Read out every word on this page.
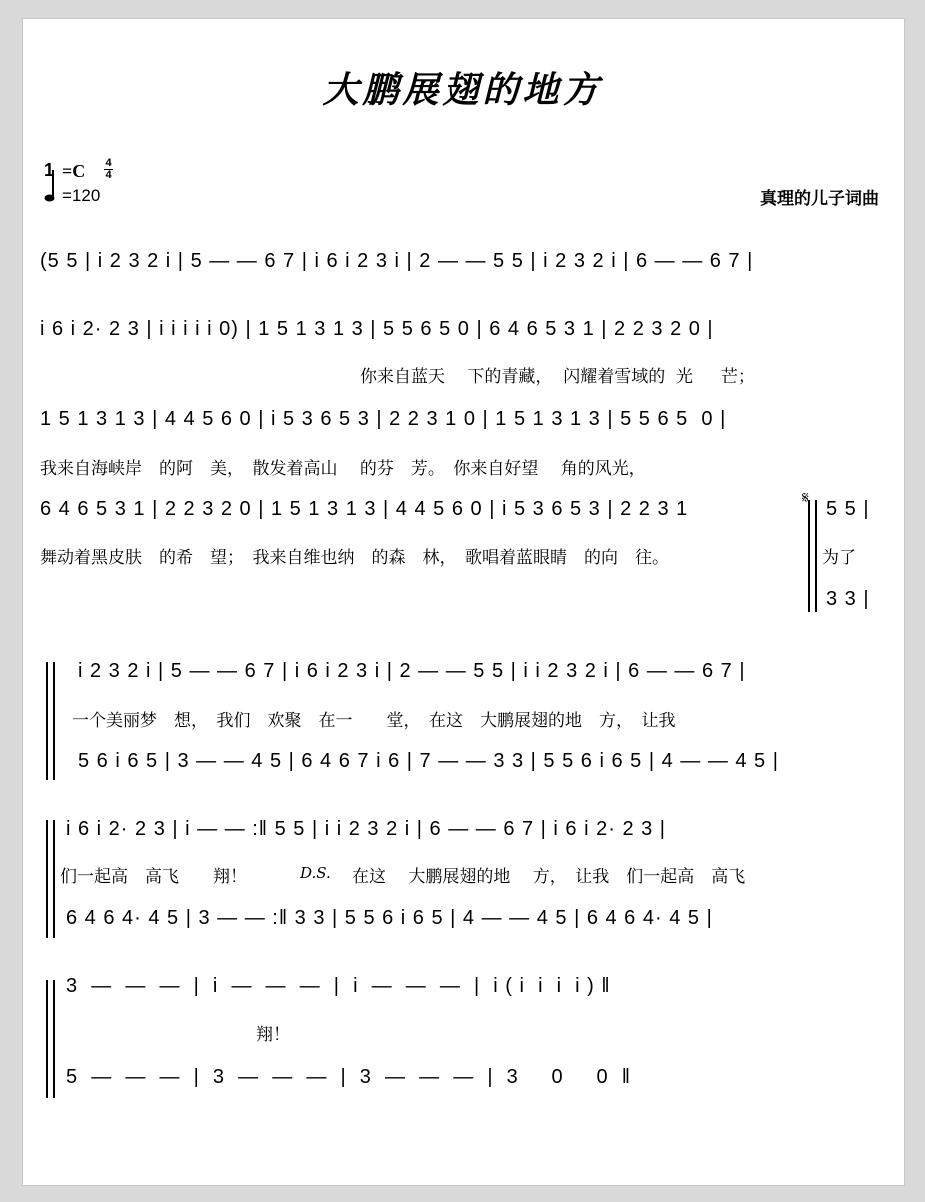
大鹏展翅的地方
1 =C 4
4
=120	真理的儿子词曲
(5 5 | i 2 3 2 i | 5 — — 6 7 | i 6 i 2 3 i | 2 — — 5 5 | i 2 3 2 i | 6 — — 6 7 |
i 6 i 2· 2 3 | i i i i i 0) | 1 5 1 3 1 3 | 5 5 6 5 0 | 6 4 6 5 3 1 | 2 2 3 2 0 |
你来自蓝天　 下的青藏，  闪耀着雪域的  光　  芒；
1 5 1 3 1 3 | 4 4 5 6 0 | i 5 3 6 5 3 | 2 2 3 1 0 | 1 5 1 3 1 3 | 5 5 6 5  0 |
我来自海峡岸　的阿　美，　散发着高山　 的芬　芳。　你来自好望　 角的风光，
6 4 6 5 3 1 | 2 2 3 2 0 | 1 5 1 3 1 3 | 4 4 5 6 0 | i 5 3 6 5 3 | 2 2 3 1
𝄋
5 5 |
舞动着黑皮肤　的希　望；　我来自维也纳　的森　林，　歌唱着蓝眼睛　的向　往。	为了
3 3 |
i 2 3 2 i | 5 — — 6 7 | i 6 i 2 3 i | 2 — — 5 5 | i i 2 3 2 i | 6 — — 6 7 |
一个美丽梦　想，　我们　欢聚　在一　　堂，　在这　大鹏展翅的地　方，　让我
5 6 i 6 5 | 3 — — 4 5 | 6 4 6 7 i 6 | 7 — — 3 3 | 5 5 6 i 6 5 | 4 — — 4 5 |
i 6 i 2· 2 3 | i — — :‖ 5 5 | i i 2 3 2 i | 6 — — 6 7 | i 6 i 2· 2 3 |
们一起高　高飞　　翔！	D.S.	在这　 大鹏展翅的地　 方，　让我　们一起高　高飞
6 4 6 4· 4 5 | 3 — — :‖ 3 3 | 5 5 6 i 6 5 | 4 — — 4 5 | 6 4 6 4· 4 5 |
3  —  —  —  |  i  —  —  —  |  i  —  —  —  |  i ( i  i  i  i ) ‖
翔！
5  —  —  —  |  3  —  —  —  |  3  —  —  —  |  3     0     0  ‖
